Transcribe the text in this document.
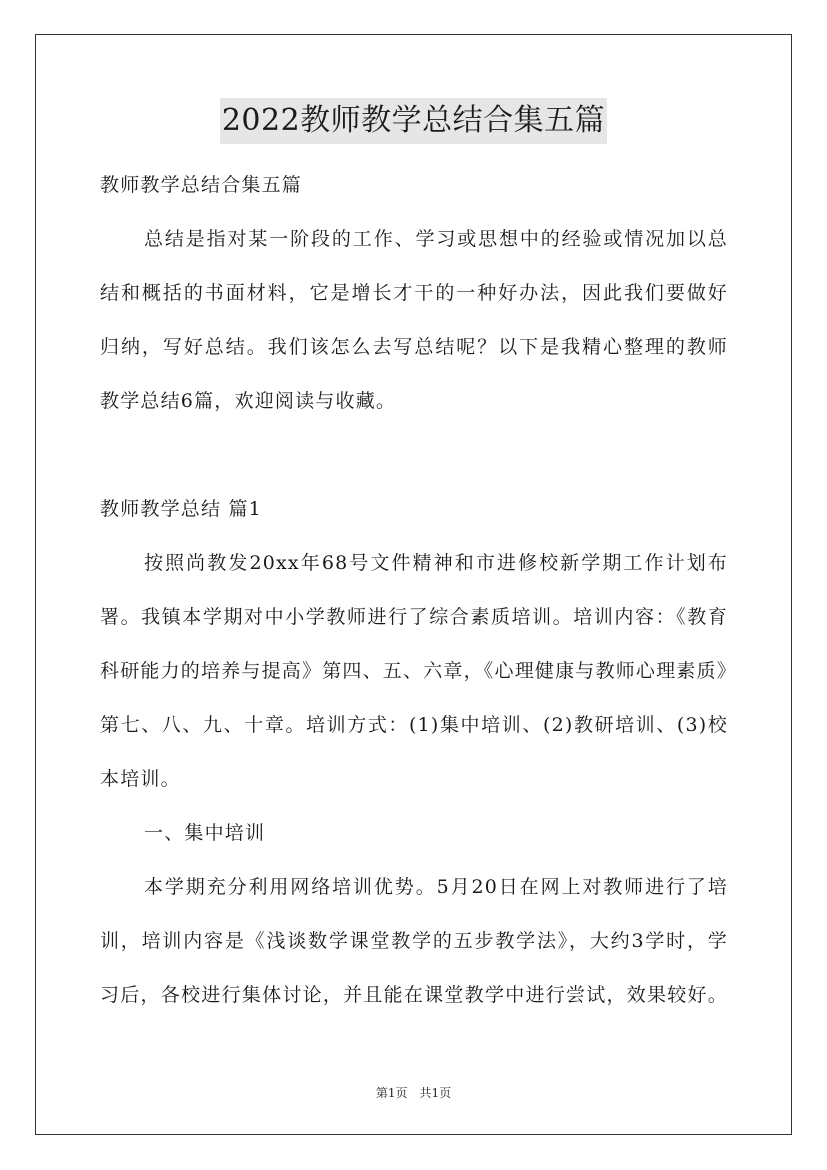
2022教师教学总结合集五篇

教师教学总结合集五篇

总结是指对某一阶段的工作、学习或思想中的经验或情况加以总

结和概括的书面材料，它是增长才干的一种好办法，因此我们要做好

归纳，写好总结。我们该怎么去写总结呢？以下是我精心整理的教师

教学总结6篇，欢迎阅读与收藏。

教师教学总结 篇1

按照尚教发20xx年68号文件精神和市进修校新学期工作计划布

署。我镇本学期对中小学教师进行了综合素质培训。培训内容：《教育

科研能力的培养与提高》第四、五、六章，《心理健康与教师心理素质》

第七、八、九、十章。培训方式：(1)集中培训、(2)教研培训、(3)校

本培训。

一、集中培训

本学期充分利用网络培训优势。5月20日在网上对教师进行了培

训，培训内容是《浅谈数学课堂教学的五步教学法》，大约3学时，学

习后，各校进行集体讨论，并且能在课堂教学中进行尝试，效果较好。

第1页　共1页
